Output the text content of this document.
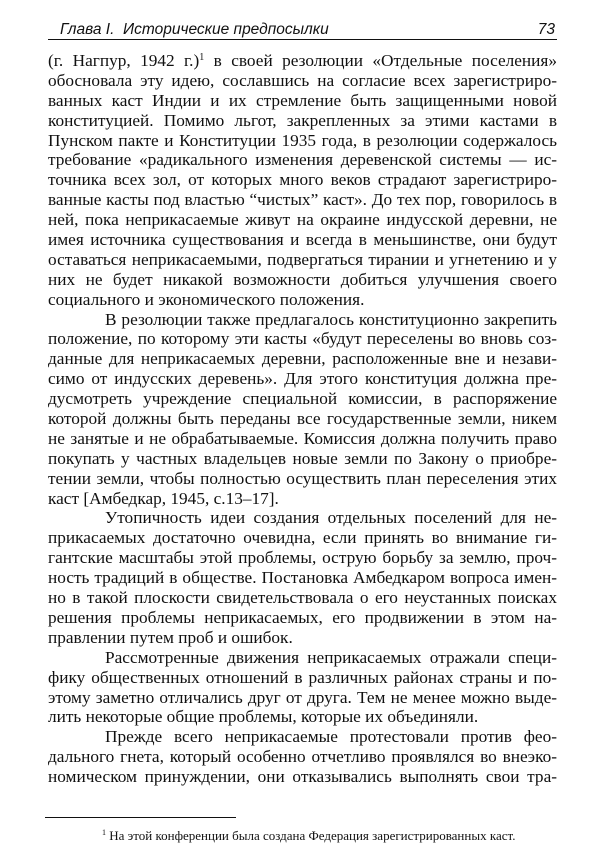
Глава I.  Исторические предпосылки	73
(г. Нагпур, 1942 г.)$^1$ в своей резолюции «Отдельные поселения»
обосновала эту идею, сославшись на согласие всех зарегистриро-
ванных каст Индии и их стремление быть защищенными новой
конституцией. Помимо льгот, закрепленных за этими кастами в
Пунском пакте и Конституции 1935 года, в резолюции содержалось
требование «радикального изменения деревенской системы — ис-
точника всех зол, от которых много веков страдают зарегистриро-
ванные касты под властью “чистых” каст». До тех пор, говорилось в
ней, пока неприкасаемые живут на окраине индусской деревни, не
имея источника существования и всегда в меньшинстве, они будут
оставаться неприкасаемыми, подвергаться тирании и угнетению и у
них не будет никакой возможности добиться улучшения своего
социального и экономического положения.
В резолюции также предлагалось конституционно закрепить
положение, по которому эти касты «будут переселены во вновь соз-
данные для неприкасаемых деревни, расположенные вне и незави-
симо от индусских деревень». Для этого конституция должна пре-
дусмотреть учреждение специальной комиссии, в распоряжение
которой должны быть переданы все государственные земли, никем
не занятые и не обрабатываемые. Комиссия должна получить право
покупать у частных владельцев новые земли по Закону о приобре-
тении земли, чтобы полностью осуществить план переселения этих
каст [Амбедкар, 1945, с.13–17].
Утопичность идеи создания отдельных поселений для не-
прикасаемых достаточно очевидна, если принять во внимание ги-
гантские масштабы этой проблемы, острую борьбу за землю, проч-
ность традиций в обществе. Постановка Амбедкаром вопроса имен-
но в такой плоскости свидетельствовала о его неустанных поисках
решения проблемы неприкасаемых, его продвижении в этом на-
правлении путем проб и ошибок.
Рассмотренные движения неприкасаемых отражали специ-
фику общественных отношений в различных районах страны и по-
этому заметно отличались друг от друга. Тем не менее можно выде-
лить некоторые общие проблемы, которые их объединяли.
Прежде всего неприкасаемые протестовали против фео-
дального гнета, который особенно отчетливо проявлялся во внеэко-
номическом принуждении, они отказывались выполнять свои тра-
$^1$ На этой конференции была создана Федерация зарегистрированных каст.
